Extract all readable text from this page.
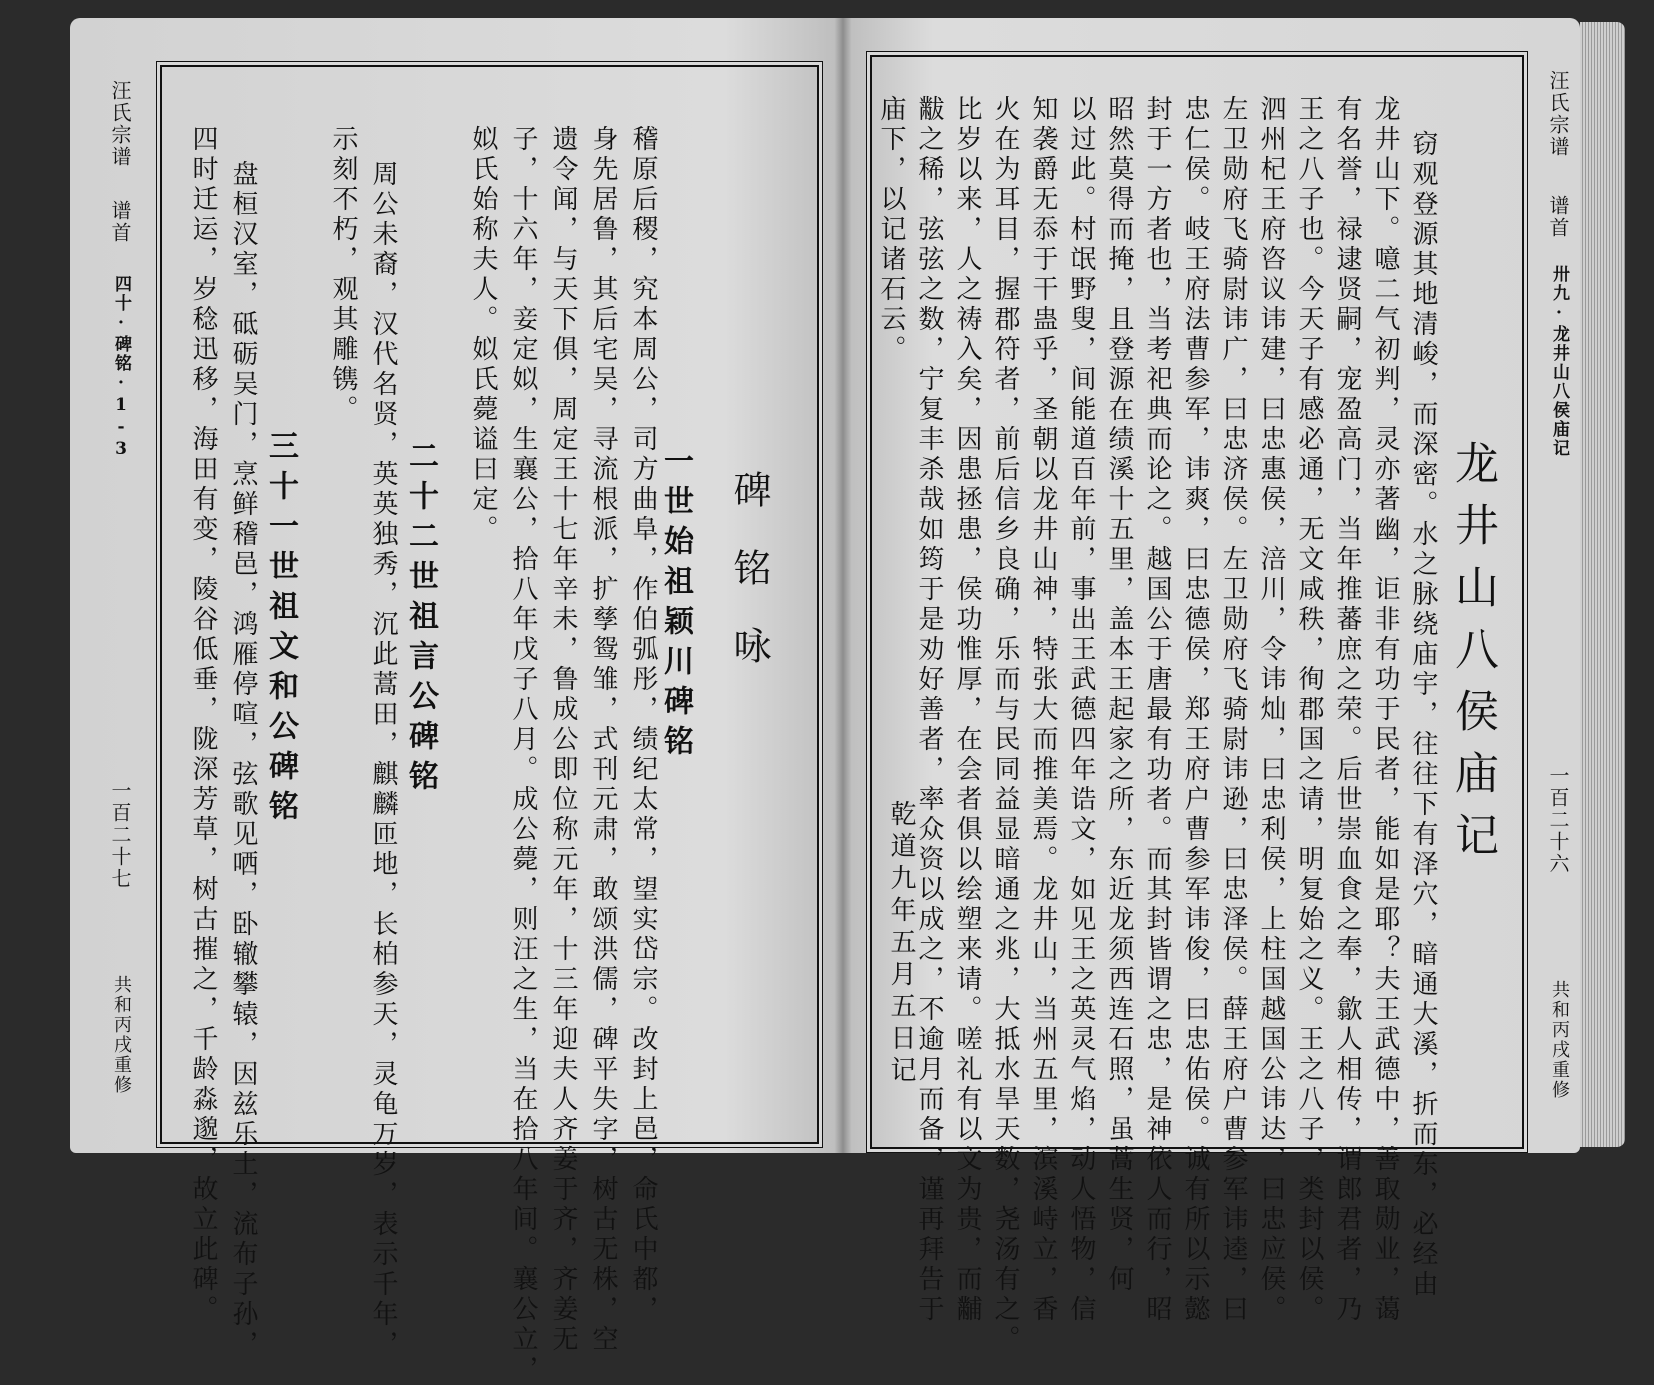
汪氏宗谱
谱首
四十·碑铭·1-3
一百二十七
共和丙戌重修
碑铭咏
一世始祖颖川碑铭
稽原后稷，究本周公，司方曲阜，作伯弧彤，绩纪太常，望实岱宗。改封上邑，命氏中都，
身先居鲁，其后宅吴，寻流根派，扩孳鸳雏，式刊元肃，敢颂洪儒，碑平失字，树古无株，空
遗令闻，与天下俱，周定王十七年辛未，鲁成公即位称元年，十三年迎夫人齐姜于齐，齐姜无
子，十六年，妾定姒，生襄公，拾八年戊子八月。成公薨，则汪之生，当在拾八年间。襄公立，
姒氏始称夫人。姒氏薨谥曰定。
二十二世祖言公碑铭
周公未裔，汉代名贤，英英独秀，沉此蒿田，麒麟匝地，长柏参天，灵龟万岁，表示千年，
示刻不朽，观其雕镌。
三十一世祖文和公碑铭
盘桓汉室，砥砺吴门，烹鲜稽邑，鸿雁停喧，弦歌见哂，卧辙攀辕，因兹乐土，流布子孙，
四时迁运，岁稔迅移，海田有变，陵谷低垂，陇深芳草，树古摧之，千龄淼邈，故立此碑。
汪氏宗谱
谱首
卅九·龙井山八侯庙记
一百二十六
共和丙戌重修
龙井山八侯庙记
窃观登源其地清峻，而深密。水之脉绕庙宇，往往下有泽穴，暗通大溪，折而东，必经由
龙井山下。噫二气初判，灵亦著幽，讵非有功于民者，能如是耶？夫王武德中，善取勋业，蔼
有名誉，禄逮贤嗣，宠盈高门，当年推蕃庶之荣。后世崇血食之奉，歙人相传，谓郎君者，乃
王之八子也。今天子有感必通，无文咸秩，徇郡国之请，明复始之义。王之八子，类封以侯。
泗州杞王府咨议讳建，曰忠惠侯，涪川，令讳灿，曰忠利侯，上柱国越国公讳达，曰忠应侯。
左卫勋府飞骑尉讳广，曰忠济侯。左卫勋府飞骑尉讳逊，曰忠泽侯。薛王府户曹参军讳逵，曰
忠仁侯。岐王府法曹参军，讳爽，曰忠德侯，郑王府户曹参军讳俊，曰忠佑侯。诚有所以示懿
封于一方者也，当考祀典而论之。越国公于唐最有功者。而其封皆谓之忠，是神依人而行，昭
昭然莫得而掩，且登源在绩溪十五里，盖本王起家之所，东近龙须西连石照，虽蒿生贤，何
以过此。村氓野叟，间能道百年前，事出王武德四年诰文，如见王之英灵气焰，动人悟物，信
知袭爵无忝于干蛊乎，圣朝以龙井山神，特张大而推美焉。龙井山，当州五里，滨溪峙立，香
火在为耳目，握郡符者，前后信乡良确，乐而与民同益显暗通之兆，大抵水旱天数，尧汤有之。
比岁以来，人之祷入矣，因患拯患，侯功惟厚，在会者俱以绘塑来请。嗟礼有以文为贵，而黼
黻之稀，弦弦之数，宁复丰杀哉如筠于是劝好善者，率众资以成之，不逾月而备，谨再拜告于
庙下，以记诸石云。
乾道九年五月五日记
